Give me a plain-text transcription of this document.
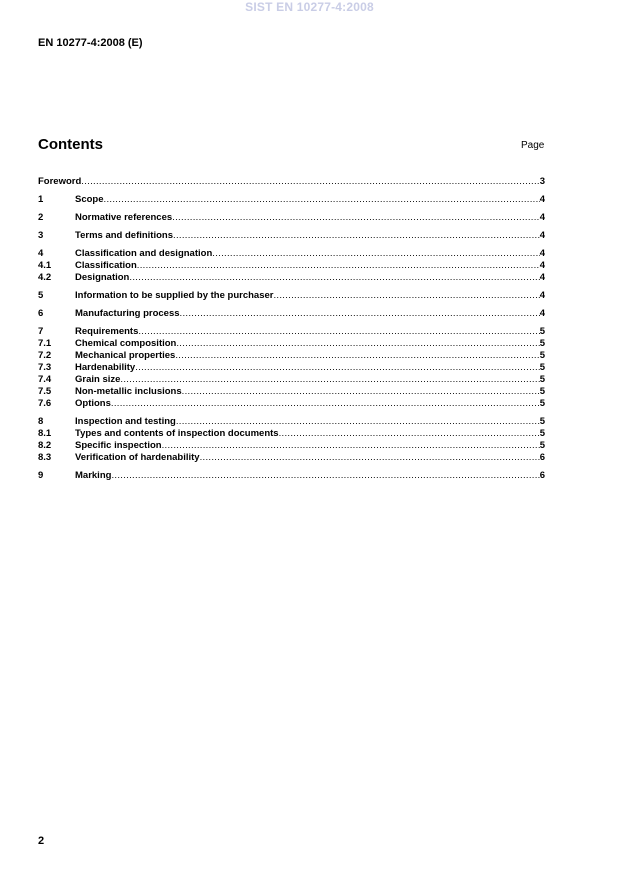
SIST EN 10277-4:2008
EN 10277-4:2008 (E)
Contents	Page
Foreword .....	3
1	Scope .....	4
2	Normative references .....	4
3	Terms and definitions .....	4
4	Classification and designation .....	4
4.1	Classification .....	4
4.2	Designation .....	4
5	Information to be supplied by the purchaser .....	4
6	Manufacturing process .....	4
7	Requirements .....	5
7.1	Chemical composition .....	5
7.2	Mechanical properties .....	5
7.3	Hardenability .....	5
7.4	Grain size .....	5
7.5	Non-metallic inclusions .....	5
7.6	Options .....	5
8	Inspection and testing .....	5
8.1	Types and contents of inspection documents .....	5
8.2	Specific inspection .....	5
8.3	Verification of hardenability .....	6
9	Marking .....	6
2
